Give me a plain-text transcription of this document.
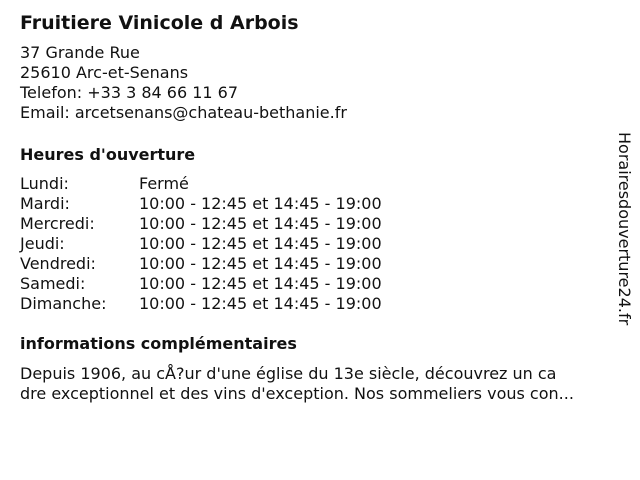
Fruitiere Vinicole d Arbois
37 Grande Rue
25610 Arc-et-Senans
Telefon: +33 3 84 66 11 67
Email: arcetsenans@chateau-bethanie.fr
Heures d'ouverture
Lundi:	Fermé
Mardi:	10:00 - 12:45 et 14:45 - 19:00
Mercredi:	10:00 - 12:45 et 14:45 - 19:00
Jeudi:	10:00 - 12:45 et 14:45 - 19:00
Vendredi:	10:00 - 12:45 et 14:45 - 19:00
Samedi:	10:00 - 12:45 et 14:45 - 19:00
Dimanche:	10:00 - 12:45 et 14:45 - 19:00
informations complémentaires
Depuis 1906, au cÅ?ur d'une église du 13e siècle, découvrez un ca
dre exceptionnel et des vins d'exception. Nos sommeliers vous con...
Horairesdouverture24.fr
